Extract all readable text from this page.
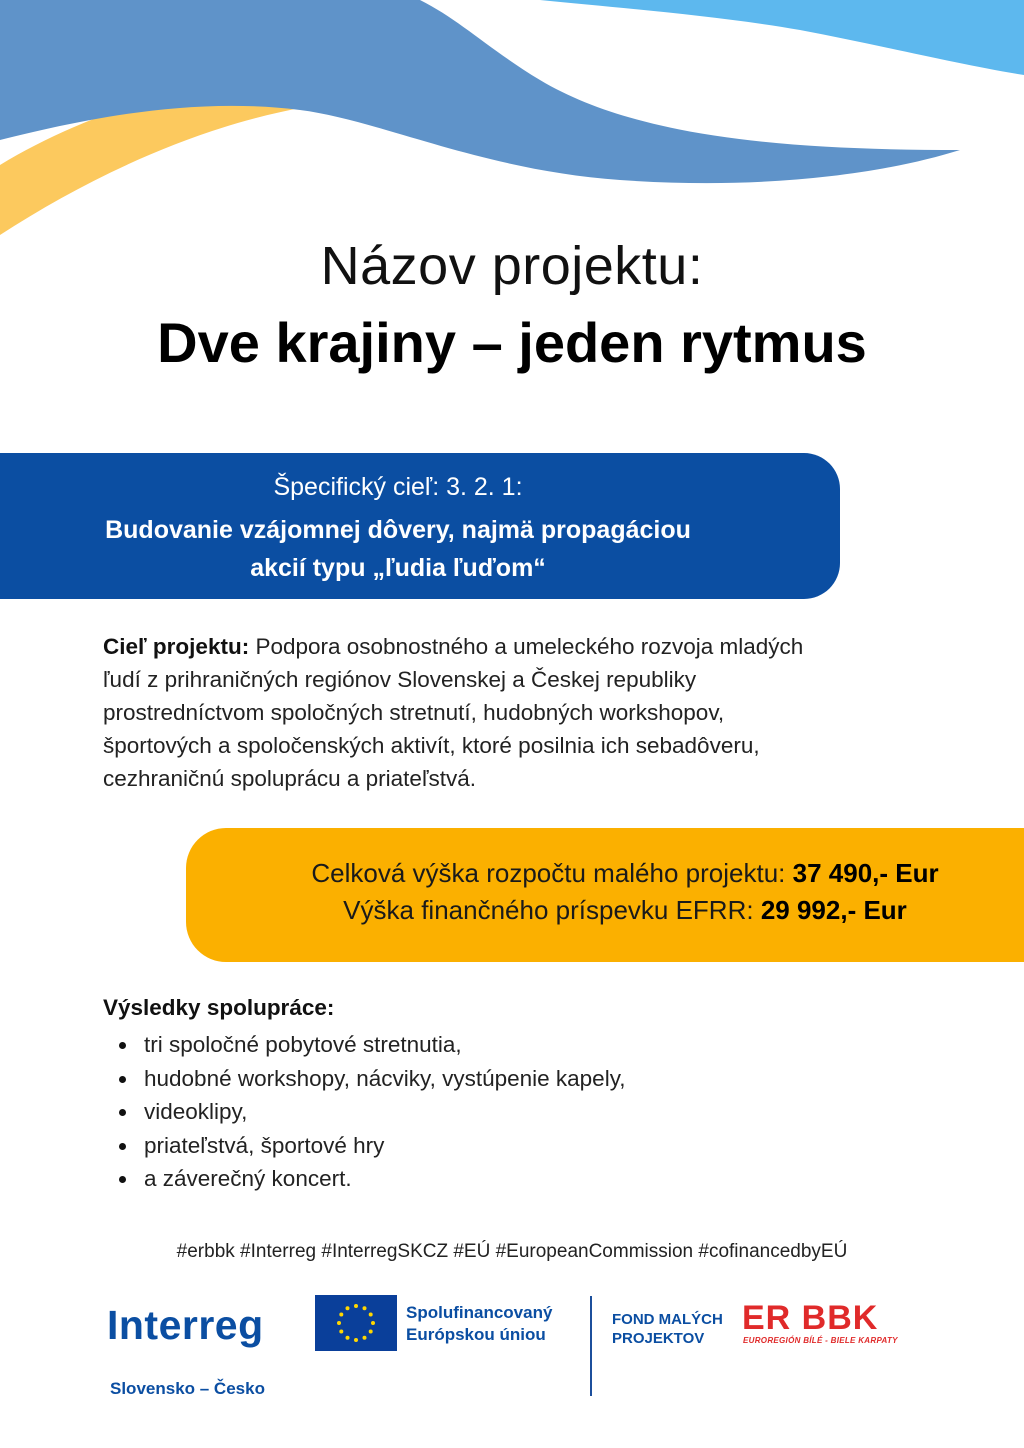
Názov projektu:
Dve krajiny – jeden rytmus
Špecifický cieľ: 3. 2. 1:
Budovanie vzájomnej dôvery, najmä propagáciou
akcií typu „ľudia ľuďom“
Cieľ projektu: Podpora osobnostného a umeleckého rozvoja mladých
ľudí z prihraničných regiónov Slovenskej a Českej republiky
prostredníctvom spoločných stretnutí, hudobných workshopov,
športových a spoločenských aktivít, ktoré posilnia ich sebadôveru,
cezhraničnú spoluprácu a priateľstvá.
Celková výška rozpočtu malého projektu: 37 490,- Eur
Výška finančného príspevku EFRR: 29 992,- Eur
Výsledky spolupráce:
tri spoločné pobytové stretnutia,
hudobné workshopy, nácviky, vystúpenie kapely,
videoklipy,
priateľstvá, športové hry
a záverečný koncert.
#erbbk #Interreg #InterregSKCZ #EÚ #EuropeanCommission #cofinancedbyEÚ
Interreg
Slovensko – Česko
Spolufinancovaný
Európskou úniou
FOND MALÝCH
PROJEKTOV
ER BBK
EUROREGIÓN BÍLÉ - BIELE KARPATY
